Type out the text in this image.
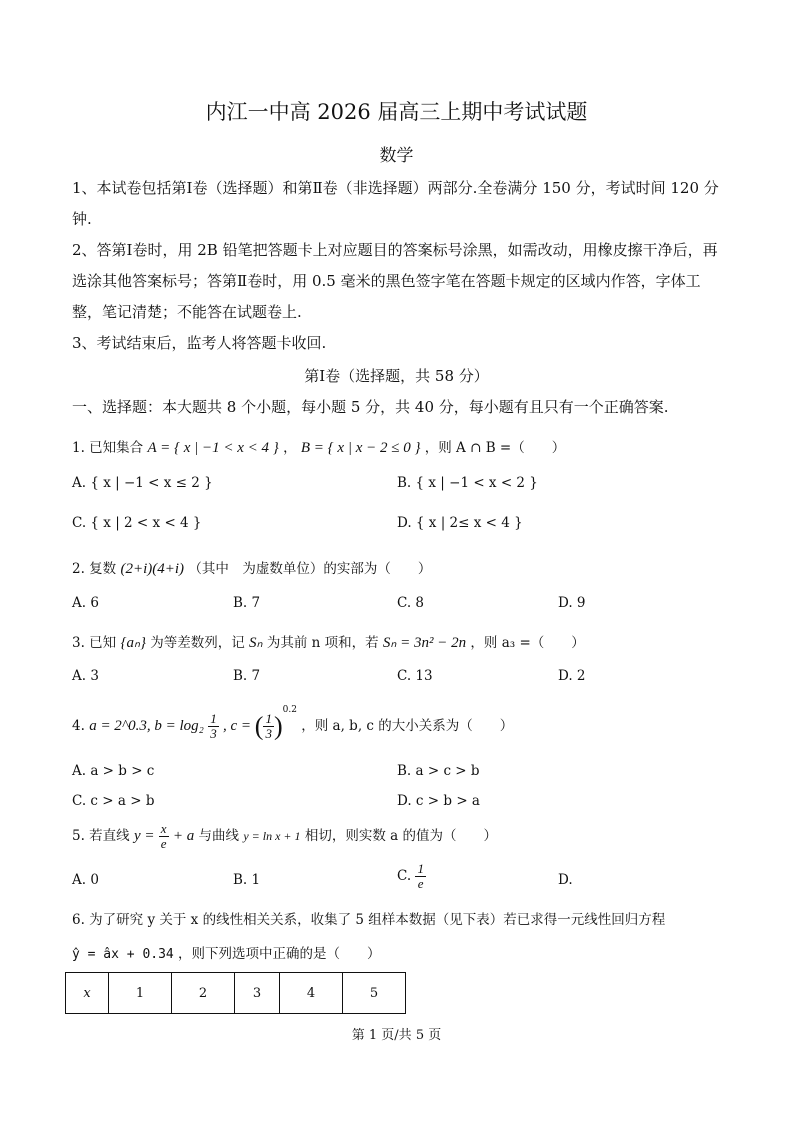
内江一中高 2026 届高三上期中考试试题
数学
1、本试卷包括第Ⅰ卷（选择题）和第Ⅱ卷（非选择题）两部分.全卷满分 150 分，考试时间 120 分钟.
2、答第Ⅰ卷时，用 2B 铅笔把答题卡上对应题目的答案标号涂黑，如需改动，用橡皮擦干净后，再选涂其他答案标号；答第Ⅱ卷时，用 0.5 毫米的黑色签字笔在答题卡规定的区域内作答，字体工整，笔记清楚；不能答在试题卷上.
3、考试结束后，监考人将答题卡收回.
第Ⅰ卷（选择题，共 58 分）
一、选择题：本大题共 8 个小题，每小题 5 分，共 40 分，每小题有且只有一个正确答案.
1. 已知集合 A = { x | −1 < x < 4 } ， B = { x | x − 2 ≤ 0 } ，则 A ∩ B =（　　）
A. { x | −1 < x ≤ 2 }	B. { x | −1 < x < 2 }
C. { x | 2 < x < 4 }	D. { x | 2≤ x < 4 }
2. 复数 (2+i)(4+i) （其中　为虚数单位）的实部为（　　）
A. 6	B. 7	C. 8	D. 9
3. 已知 {aₙ} 为等差数列，记 Sₙ 为其前 n 项和，若 Sₙ = 3n² − 2n ，则 a₃ =（　　）
A. 3	B. 7	C. 13	D. 2
4. a = 2^0.3, $b = \log_2 \frac{1}{3}$ , c = ( $\frac{1}{3} )^{0.2}$ ，则 a, b, c 的大小关系为（　　）
A. a > b > c	B. a > c > b
C. c > a > b	D. c > b > a
5. 若直线 $y = \frac{x}{e} + a$ 与曲线 y = ln x + 1 相切，则实数 a 的值为（　　）
A. 0	B. 1	C. $\frac{1}{e}$	D.
6. 为了研究 y 关于 x 的线性相关关系，收集了 5 组样本数据（见下表）若已求得一元线性回归方程
ŷ = âx + 0.34 ，则下列选项中正确的是（　　）
x	1	2	3	4	5
第 1 页/共 5 页
